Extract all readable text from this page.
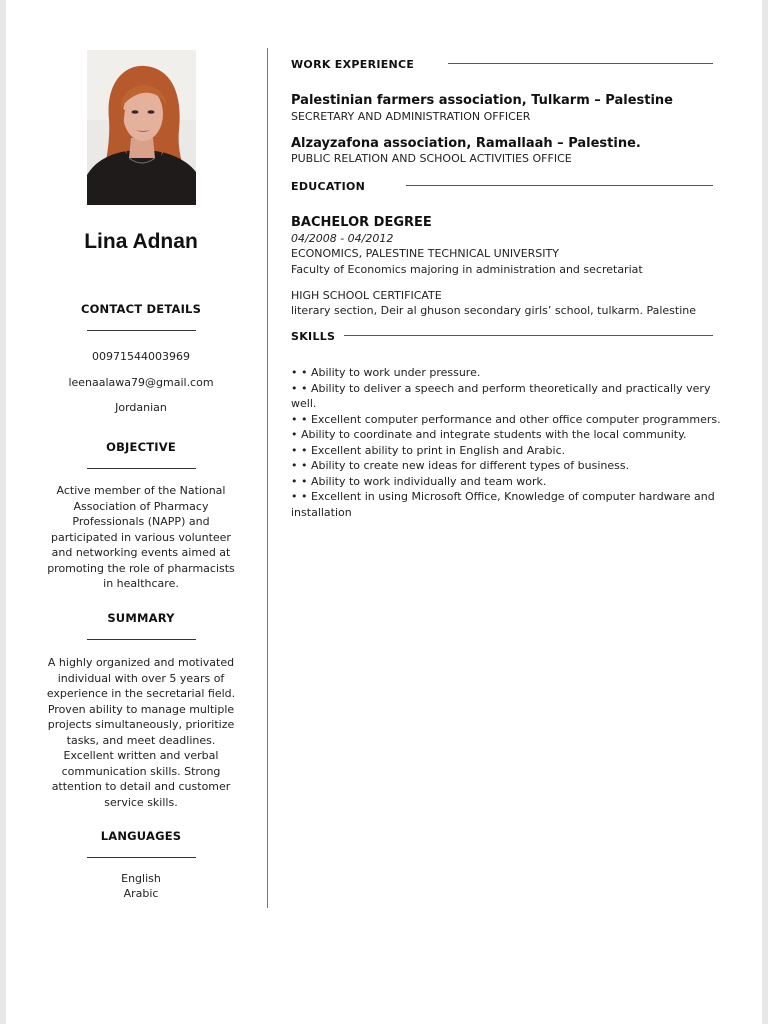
Lina Adnan
CONTACT DETAILS
00971544003969
leenaalawa79@gmail.com
Jordanian
OBJECTIVE
Active member of the National Association of Pharmacy Professionals (NAPP) and participated in various volunteer and networking events aimed at promoting the role of pharmacists in healthcare.
SUMMARY
A highly organized and motivated individual with over 5 years of experience in the secretarial field. Proven ability to manage multiple projects simultaneously, prioritize tasks, and meet deadlines. Excellent written and verbal communication skills. Strong attention to detail and customer service skills.
LANGUAGES
English
Arabic
WORK EXPERIENCE
Palestinian farmers association, Tulkarm – Palestine
SECRETARY AND ADMINISTRATION OFFICER
Alzayzafona association, Ramallaah – Palestine.
PUBLIC RELATION AND SCHOOL ACTIVITIES OFFICE
EDUCATION
BACHELOR DEGREE
04/2008 - 04/2012
ECONOMICS, PALESTINE TECHNICAL UNIVERSITY
Faculty of Economics majoring in administration and secretariat
HIGH SCHOOL CERTIFICATE
literary section, Deir al ghuson secondary girls’ school, tulkarm. Palestine
SKILLS
• • Ability to work under pressure.
• • Ability to deliver a speech and perform theoretically and practically very well.
• • Excellent computer performance and other office computer programmers.
• Ability to coordinate and integrate students with the local community.
• • Excellent ability to print in English and Arabic.
• • Ability to create new ideas for different types of business.
• • Ability to work individually and team work.
• • Excellent in using Microsoft Office, Knowledge of computer hardware and installation
